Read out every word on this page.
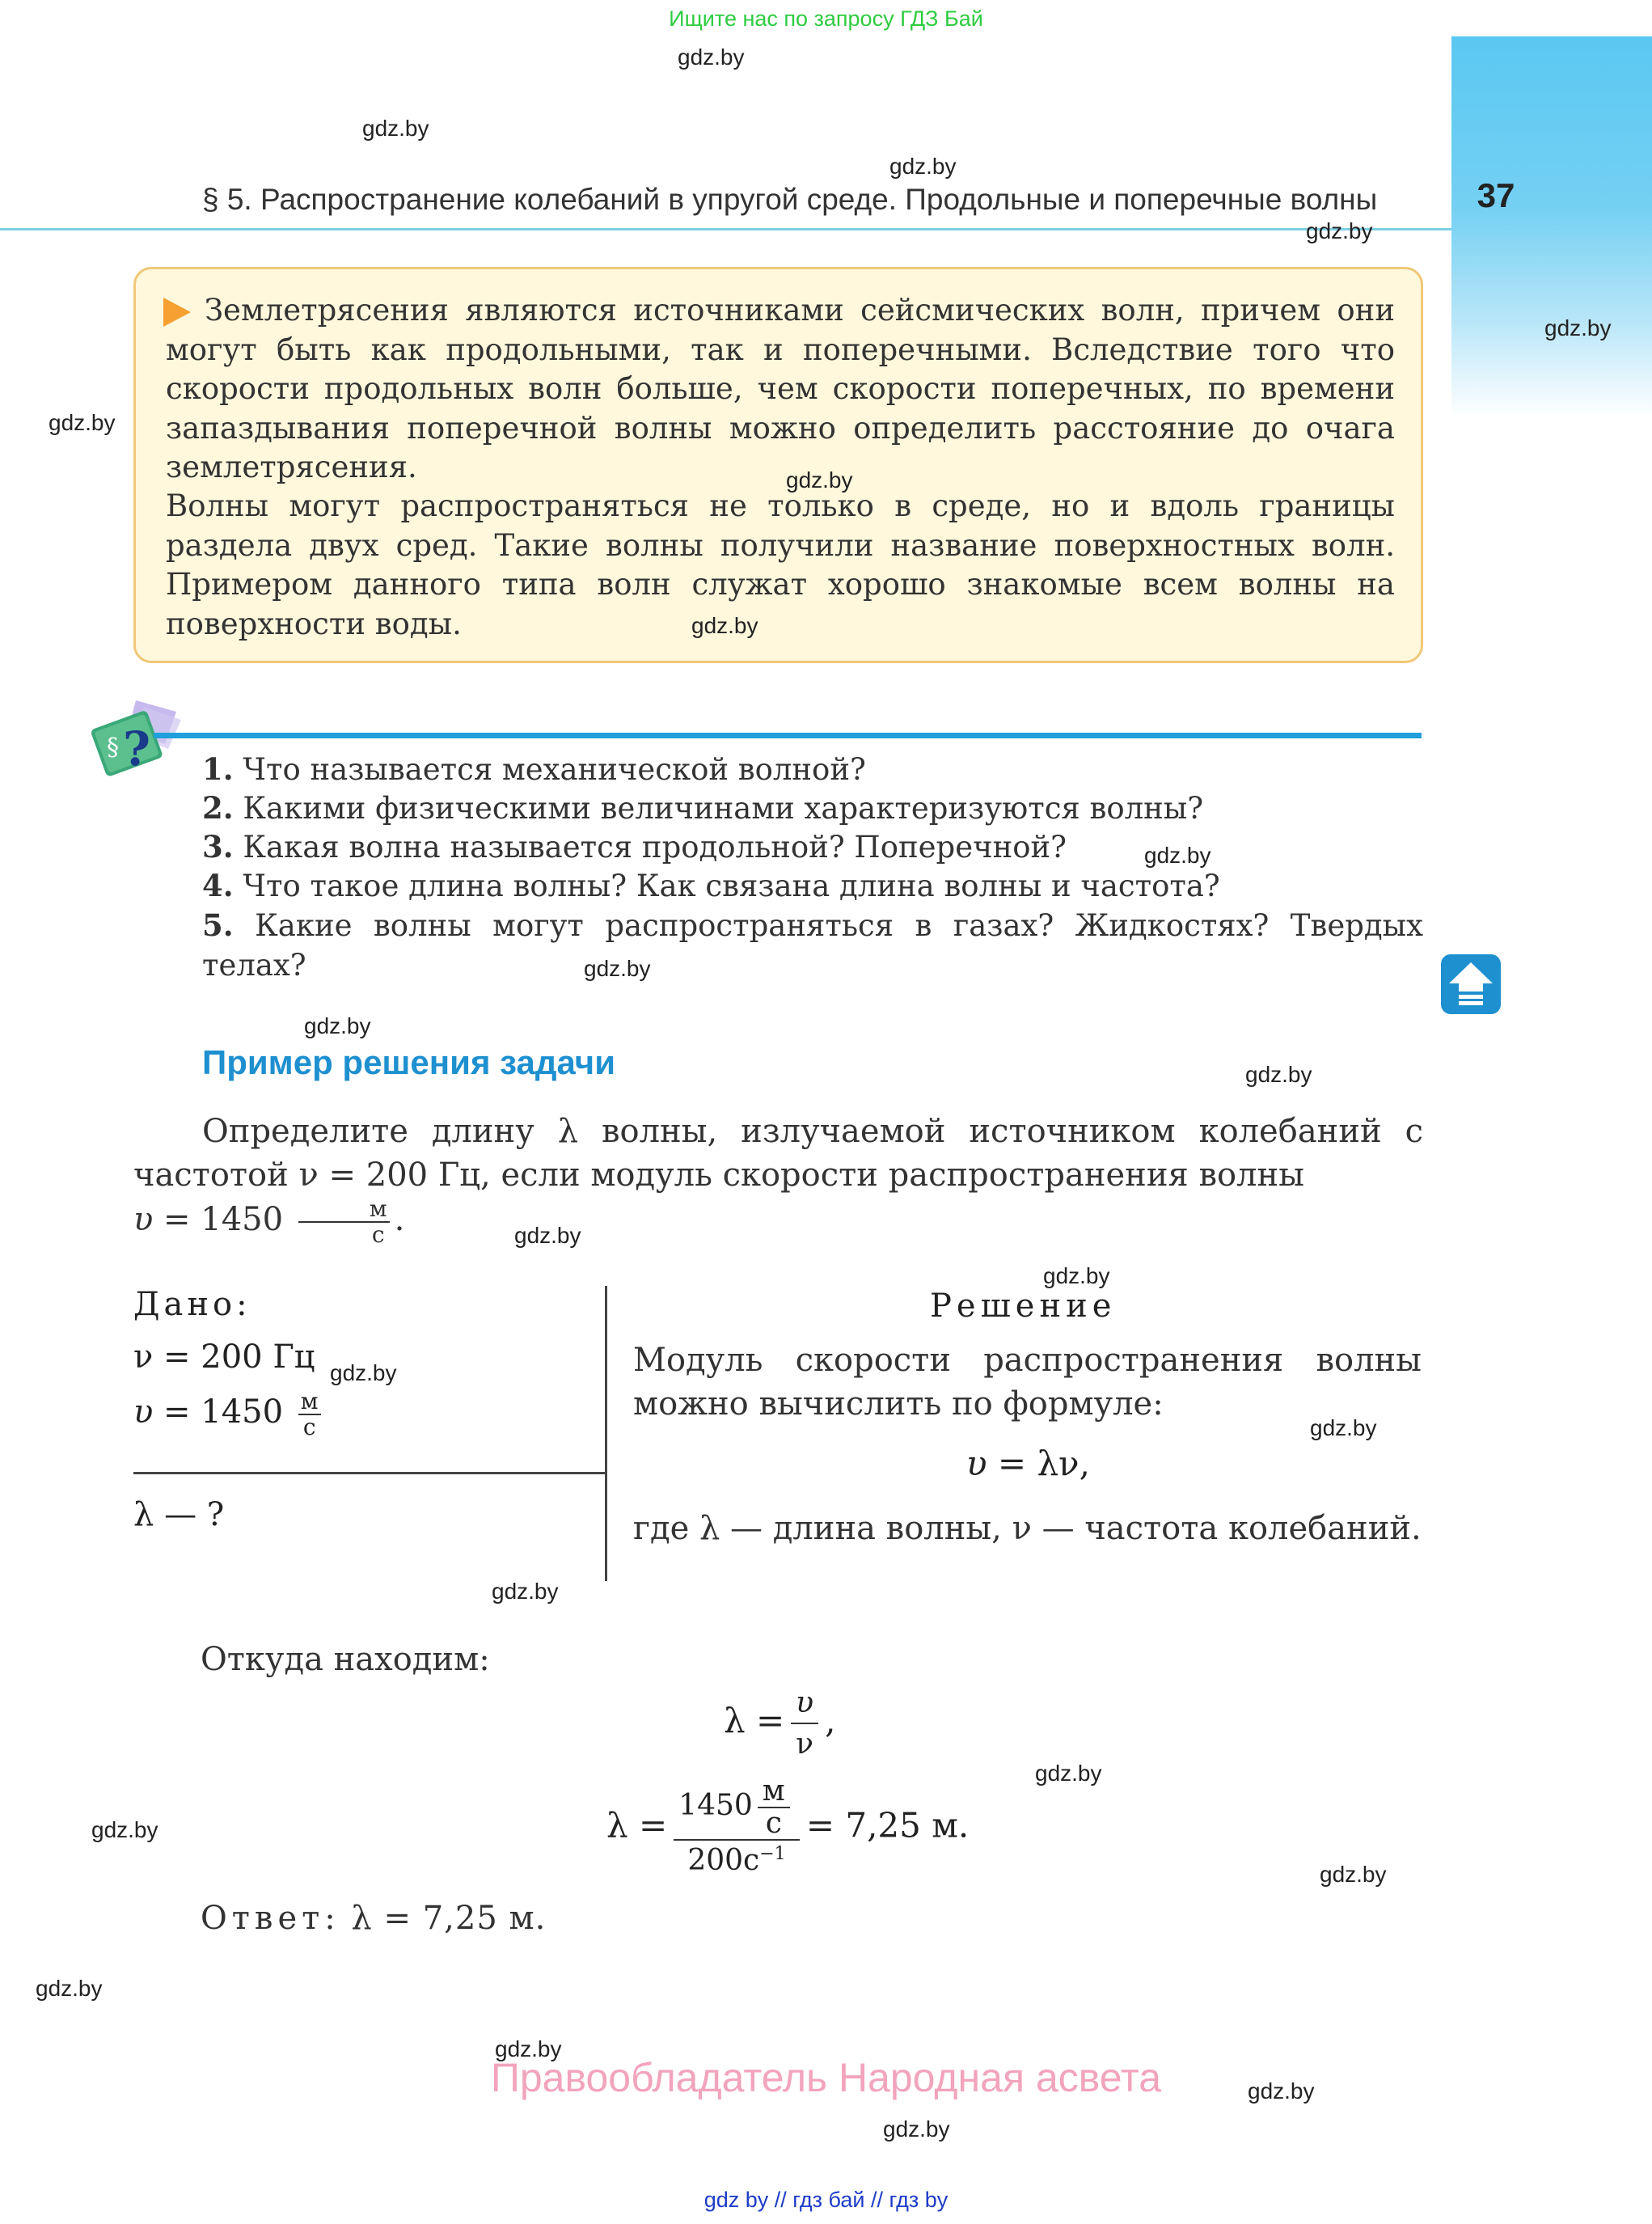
Ищите нас по запросу ГДЗ Бай
37
§ 5. Распространение колебаний в упругой среде. Продольные и поперечные волны
Землетрясения являются источниками сейсмических волн, причем они могут быть как продольными, так и поперечными. Вследствие того что скорости продольных волн больше, чем скорости поперечных, по времени запаздывания поперечной волны можно определить расстояние до очага землетрясения.
Волны могут распространяться не только в среде, но и вдоль границы раздела двух сред. Такие волны получили название поверхностных волн. Примером данного типа волн служат хорошо знакомые всем волны на поверхности воды.
§ ? 1. Что называется механической волной?
2. Какими физическими величинами характеризуются волны?
3. Какая волна называется продольной? Поперечной?
4. Что такое длина волны? Как связана длина волны и частота?
5. Какие волны могут распространяться в газах? Жидкостях? Твердых телах?
Пример решения задачи
Определите длину λ волны, излучаемой источником колебаний с частотой ν = 200 Гц, если модуль скорости распространения волны
$\upsilon = 1450 \frac{м}{с}$ .
Дано:
ν = 200 Гц
$\upsilon = 1450 \frac{м}{с}$
λ — ?
Решение
Модуль скорости распространения волны можно вычислить по формуле:
υ = λν,
где λ — длина волны, ν — частота колебаний.
Откуда находим:
$\lambda = \frac{\upsilon}{\nu}$ ,
$\lambda = \frac{1450 \frac{м}{с}}{200с^{-1}} = 7,25$ м.
Ответ: λ = 7,25 м.
Правообладатель Народная асвета
gdz by // гдз бай // гдз by
gdz.by
gdz.by
gdz.by
gdz.by
gdz.by
gdz.by
gdz.by
gdz.by
gdz.by
gdz.by
gdz.by
gdz.by
gdz.by
gdz.by
gdz.by
gdz.by
gdz.by
gdz.by
gdz.by
gdz.by
gdz.by
gdz.by
gdz.by
gdz.by
